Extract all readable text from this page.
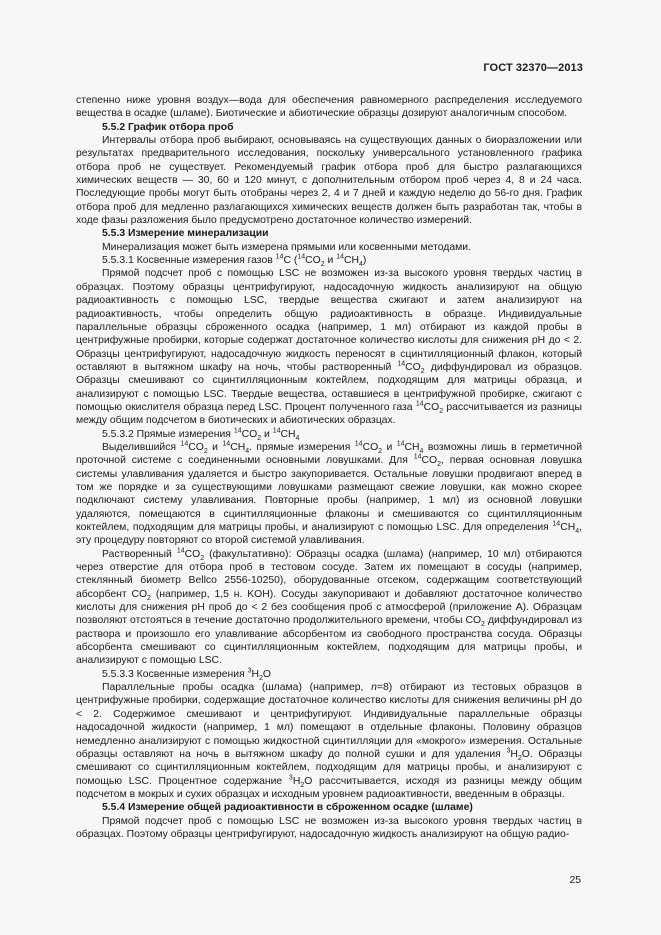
ГОСТ 32370—2013

степенно ниже уровня воздух—вода для обеспечения равномерного распределения исследуемого вещества в осадке (шламе). Биотические и абиотические образцы дозируют аналогичным способом.

5.5.2 График отбора проб

Интервалы отбора проб выбирают, основываясь на существующих данных о биоразложении или результатах предварительного исследования, поскольку универсального установленного графика отбора проб не существует. Рекомендуемый график отбора проб для быстро разлагающихся химических веществ — 30, 60 и 120 минут, с дополнительным отбором проб через 4, 8 и 24 часа. Последующие пробы могут быть отобраны через 2, 4 и 7 дней и каждую неделю до 56-го дня. График отбора проб для медленно разлагающихся химических веществ должен быть разработан так, чтобы в ходе фазы разложения было предусмотрено достаточное количество измерений.

5.5.3 Измерение минерализации

Минерализация может быть измерена прямыми или косвенными методами.

5.5.3.1 Косвенные измерения газов $^{14}$C ($^{14}CO_2$ и $^{14}CH_4$)

Прямой подсчет проб с помощью LSC не возможен из-за высокого уровня твердых частиц в образцах. Поэтому образцы центрифугируют, надосадочную жидкость анализируют на общую радиоактивность с помощью LSC, твердые вещества сжигают и затем анализируют на радиоактивность, чтобы определить общую радиоактивность в образце. Индивидуальные параллельные образцы сброженного осадка (например, 1 мл) отбирают из каждой пробы в центрифужные пробирки, которые содержат достаточное количество кислоты для снижения pH до < 2. Образцы центрифугируют, надосадочную жидкость переносят в сцинтилляционный флакон, который оставляют в вытяжном шкафу на ночь, чтобы растворенный $^{14}CO_2$ диффундировал из образцов. Образцы смешивают со сцинтилляционным коктейлем, подходящим для матрицы образца, и анализируют с помощью LSC. Твердые вещества, оставшиеся в центрифужной пробирке, сжигают с помощью окислителя образца перед LSC. Процент полученного газа $^{14}CO_2$ рассчитывается из разницы между общим подсчетом в биотических и абиотических образцах.

5.5.3.2 Прямые измерения $^{14}CO_2$ и $^{14}CH_4$

Выделившийся $^{14}CO_2$ и $^{14}CH_4$. прямые измерения $^{14}CO_2$ и $^{14}CH_4$ возможны лишь в герметичной проточной системе с соединенными основными ловушками. Для $^{14}CO_2$, первая основная ловушка системы улавливания удаляется и быстро закупоривается. Остальные ловушки продвигают вперед в том же порядке и за существующими ловушками размещают свежие ловушки, как можно скорее подключают систему улавливания. Повторные пробы (например, 1 мл) из основной ловушки удаляются, помещаются в сцинтилляционные флаконы и смешиваются со сцинтилляционным коктейлем, подходящим для матрицы пробы, и анализируют с помощью LSC. Для определения $^{14}CH_4$, эту процедуру повторяют со второй системой улавливания.

Растворенный $^{14}CO_2$ (факультативно): Образцы осадка (шлама) (например, 10 мл) отбираются через отверстие для отбора проб в тестовом сосуде. Затем их помещают в сосуды (например, стеклянный биометр Bellco 2556-10250), оборудованные отсеком, содержащим соответствующий абсорбент $CO_2$ (например, 1,5 н. KOH). Сосуды закупоривают и добавляют достаточное количество кислоты для снижения pH проб до < 2 без сообщения проб с атмосферой (приложение А). Образцам позволяют отстояться в течение достаточно продолжительного времени, чтобы $CO_2$ диффундировал из раствора и произошло его улавливание абсорбентом из свободного пространства сосуда. Образцы абсорбента смешивают со сцинтилляционным коктейлем, подходящим для матрицы пробы, и анализируют с помощью LSC.

5.5.3.3 Косвенные измерения $^3H_2O$

Параллельные пробы осадка (шлама) (например, n=8) отбирают из тестовых образцов в центрифужные пробирки, содержащие достаточное количество кислоты для снижения величины pH до < 2. Содержимое смешивают и центрифугируют. Индивидуальные параллельные образцы надосадочной жидкости (например, 1 мл) помещают в отдельные флаконы. Половину образцов немедленно анализируют с помощью жидкостной сцинтилляции для «мокрого» измерения. Остальные образцы оставляют на ночь в вытяжном шкафу до полной сушки и для удаления $^3H_2O$. Образцы смешивают со сцинтилляционным коктейлем, подходящим для матрицы пробы, и анализируют с помощью LSC. Процентное содержание $^3H_2O$ рассчитывается, исходя из разницы между общим подсчетом в мокрых и сухих образцах и исходным уровнем радиоактивности, введенным в образцы.

5.5.4 Измерение общей радиоактивности в сброженном осадке (шламе)

Прямой подсчет проб с помощью LSC не возможен из-за высокого уровня твердых частиц в образцах. Поэтому образцы центрифугируют, надосадочную жидкость анализируют на общую радио-

25
